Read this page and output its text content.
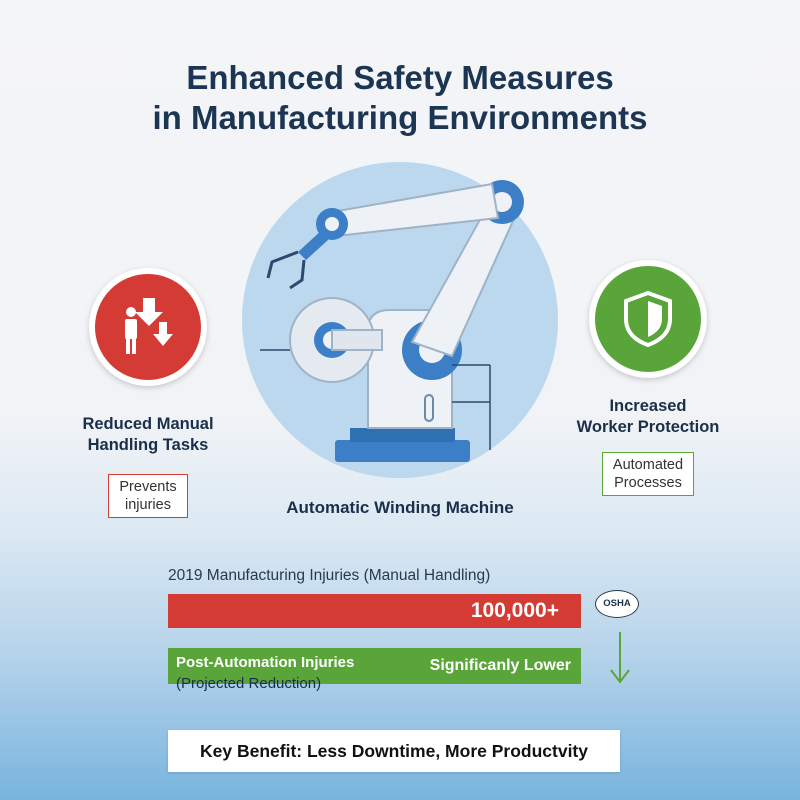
Enhanced Safety Measures
in Manufacturing Environments
Reduced Manual
Handling Tasks
Prevents
injuries
Increased
Worker Protection
Automated
Processes
Automatic Winding Machine
2019 Manufacturing Injuries (Manual Handling)
100,000+	OSHA
Post-Automation Injuries
(Projected Reduction)
Significanly Lower
Key Benefit: Less Downtime, More Productvity
